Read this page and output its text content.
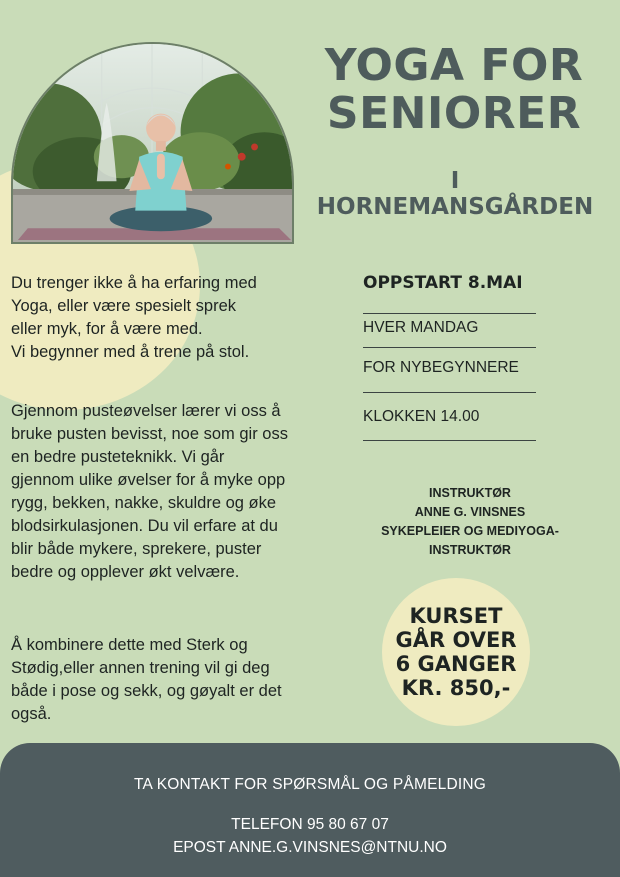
YOGA FOR
SENIORER
I
HORNEMANSGÅRDEN

Du trenger ikke å ha erfaring med
Yoga, eller være spesielt sprek
eller myk, for å være med.
Vi begynner med å trene på stol.

Gjennom pusteøvelser lærer vi oss å
bruke pusten bevisst, noe som gir oss
en bedre pusteteknikk. Vi går
gjennom ulike øvelser for å myke opp
rygg, bekken, nakke, skuldre og øke
blodsirkulasjonen. Du vil erfare at du
blir både mykere, sprekere, puster
bedre og opplever økt velvære.

Å kombinere dette med Sterk og
Stødig,eller annen trening vil gi deg
både i pose og sekk, og gøyalt er det
også.

OPPSTART 8.MAI
HVER MANDAG
FOR NYBEGYNNERE
KLOKKEN 14.00
INSTRUKTØR
ANNE G. VINSNES
SYKEPLEIER OG MEDIYOGA-
INSTRUKTØR
KURSET
GÅR OVER
6 GANGER
KR. 850,-
TA KONTAKT FOR SPØRSMÅL OG PÅMELDING
TELEFON 95 80 67 07
EPOST ANNE.G.VINSNES@NTNU.NO
